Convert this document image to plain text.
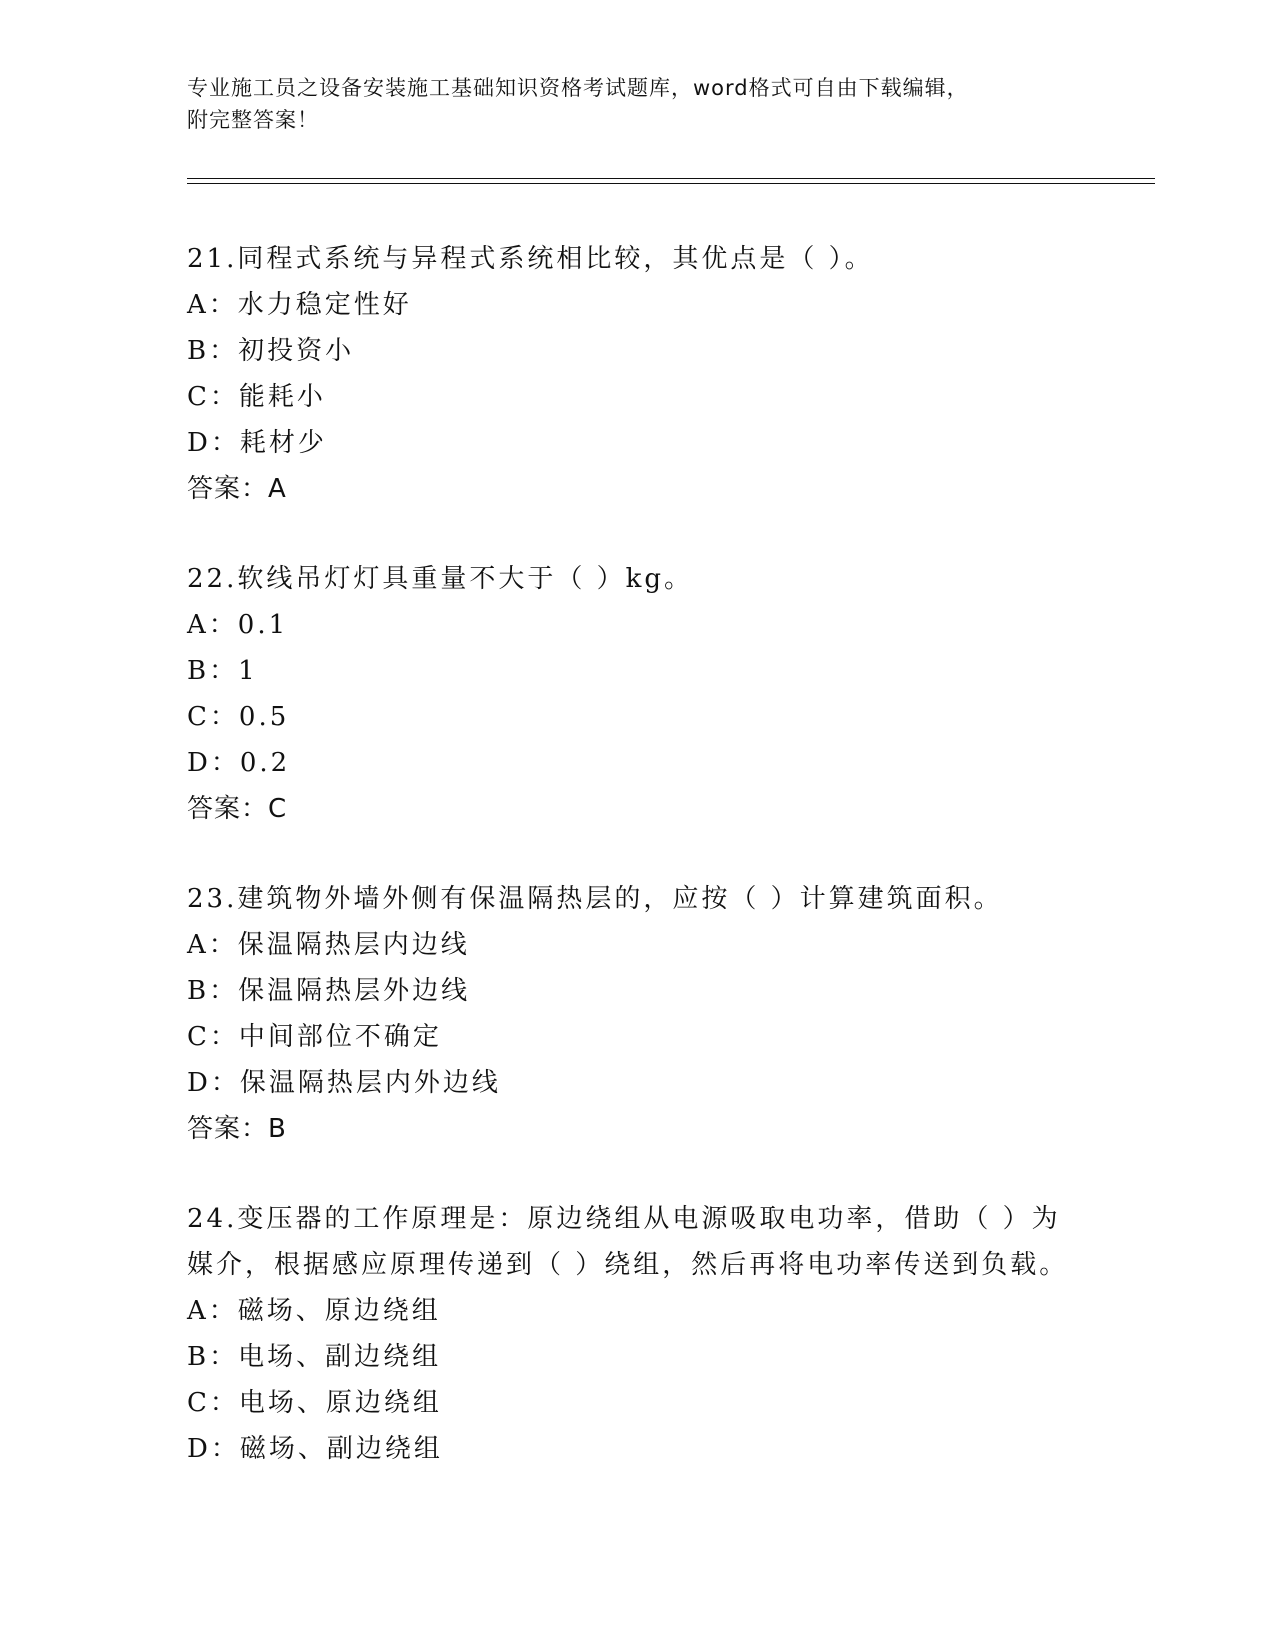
专业施工员之设备安装施工基础知识资格考试题库，word格式可自由下载编辑，
附完整答案！

21.同程式系统与异程式系统相比较，其优点是（ ）。

A：水力稳定性好

B：初投资小

C：能耗小

D：耗材少

答案：A

22.软线吊灯灯具重量不大于（ ）kg。

A：0.1

B：1

C：0.5

D：0.2

答案：C

23.建筑物外墙外侧有保温隔热层的，应按（ ）计算建筑面积。

A：保温隔热层内边线

B：保温隔热层外边线

C：中间部位不确定

D：保温隔热层内外边线

答案：B

24.变压器的工作原理是：原边绕组从电源吸取电功率，借助（ ）为

媒介，根据感应原理传递到（ ）绕组，然后再将电功率传送到负载。

A：磁场、原边绕组

B：电场、副边绕组

C：电场、原边绕组

D：磁场、副边绕组
